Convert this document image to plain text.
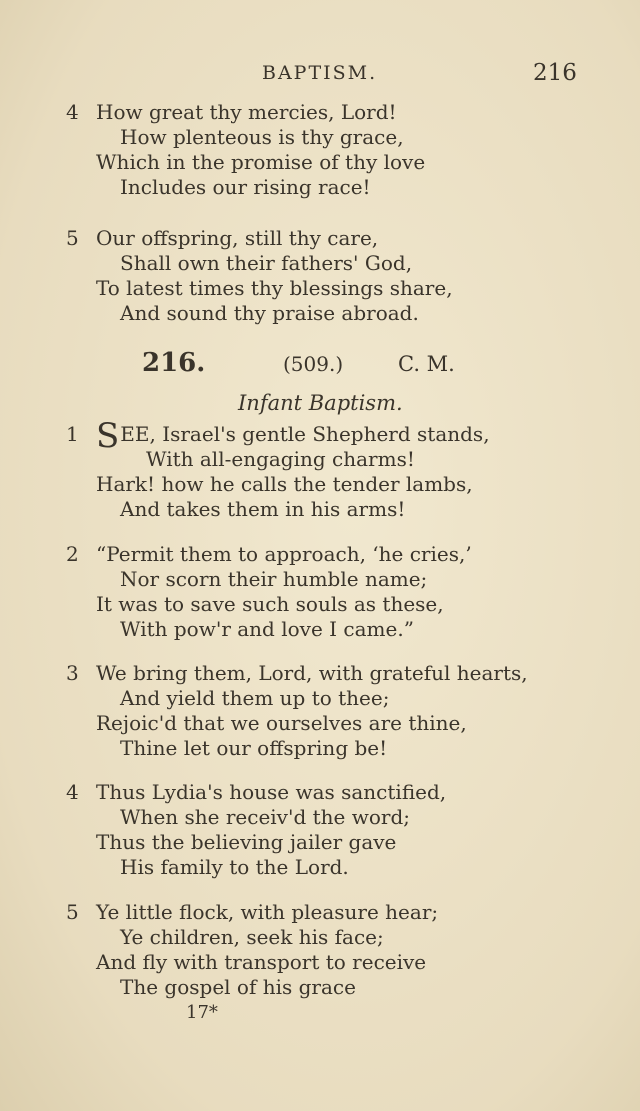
BAPTISM.	216
4 How great thy mercies, Lord!
How plenteous is thy grace,
Which in the promise of thy love
Includes our rising race!
5 Our offspring, still thy care,
Shall own their fathers' God,
To latest times thy blessings share,
And sound thy praise abroad.
216.	(509.)	C. M.
Infant Baptism.
1 SEE, Israel's gentle Shepherd stands,
With all-engaging charms!
Hark! how he calls the tender lambs,
And takes them in his arms!
2 “Permit them to approach, ‘he cries,’
Nor scorn their humble name;
It was to save such souls as these,
With pow'r and love I came.”
3 We bring them, Lord, with grateful hearts,
And yield them up to thee;
Rejoic'd that we ourselves are thine,
Thine let our offspring be!
4 Thus Lydia's house was sanctified,
When she receiv'd the word;
Thus the believing jailer gave
His family to the Lord.
5 Ye little flock, with pleasure hear;
Ye children, seek his face;
And fly with transport to receive
The gospel of his grace
17*
